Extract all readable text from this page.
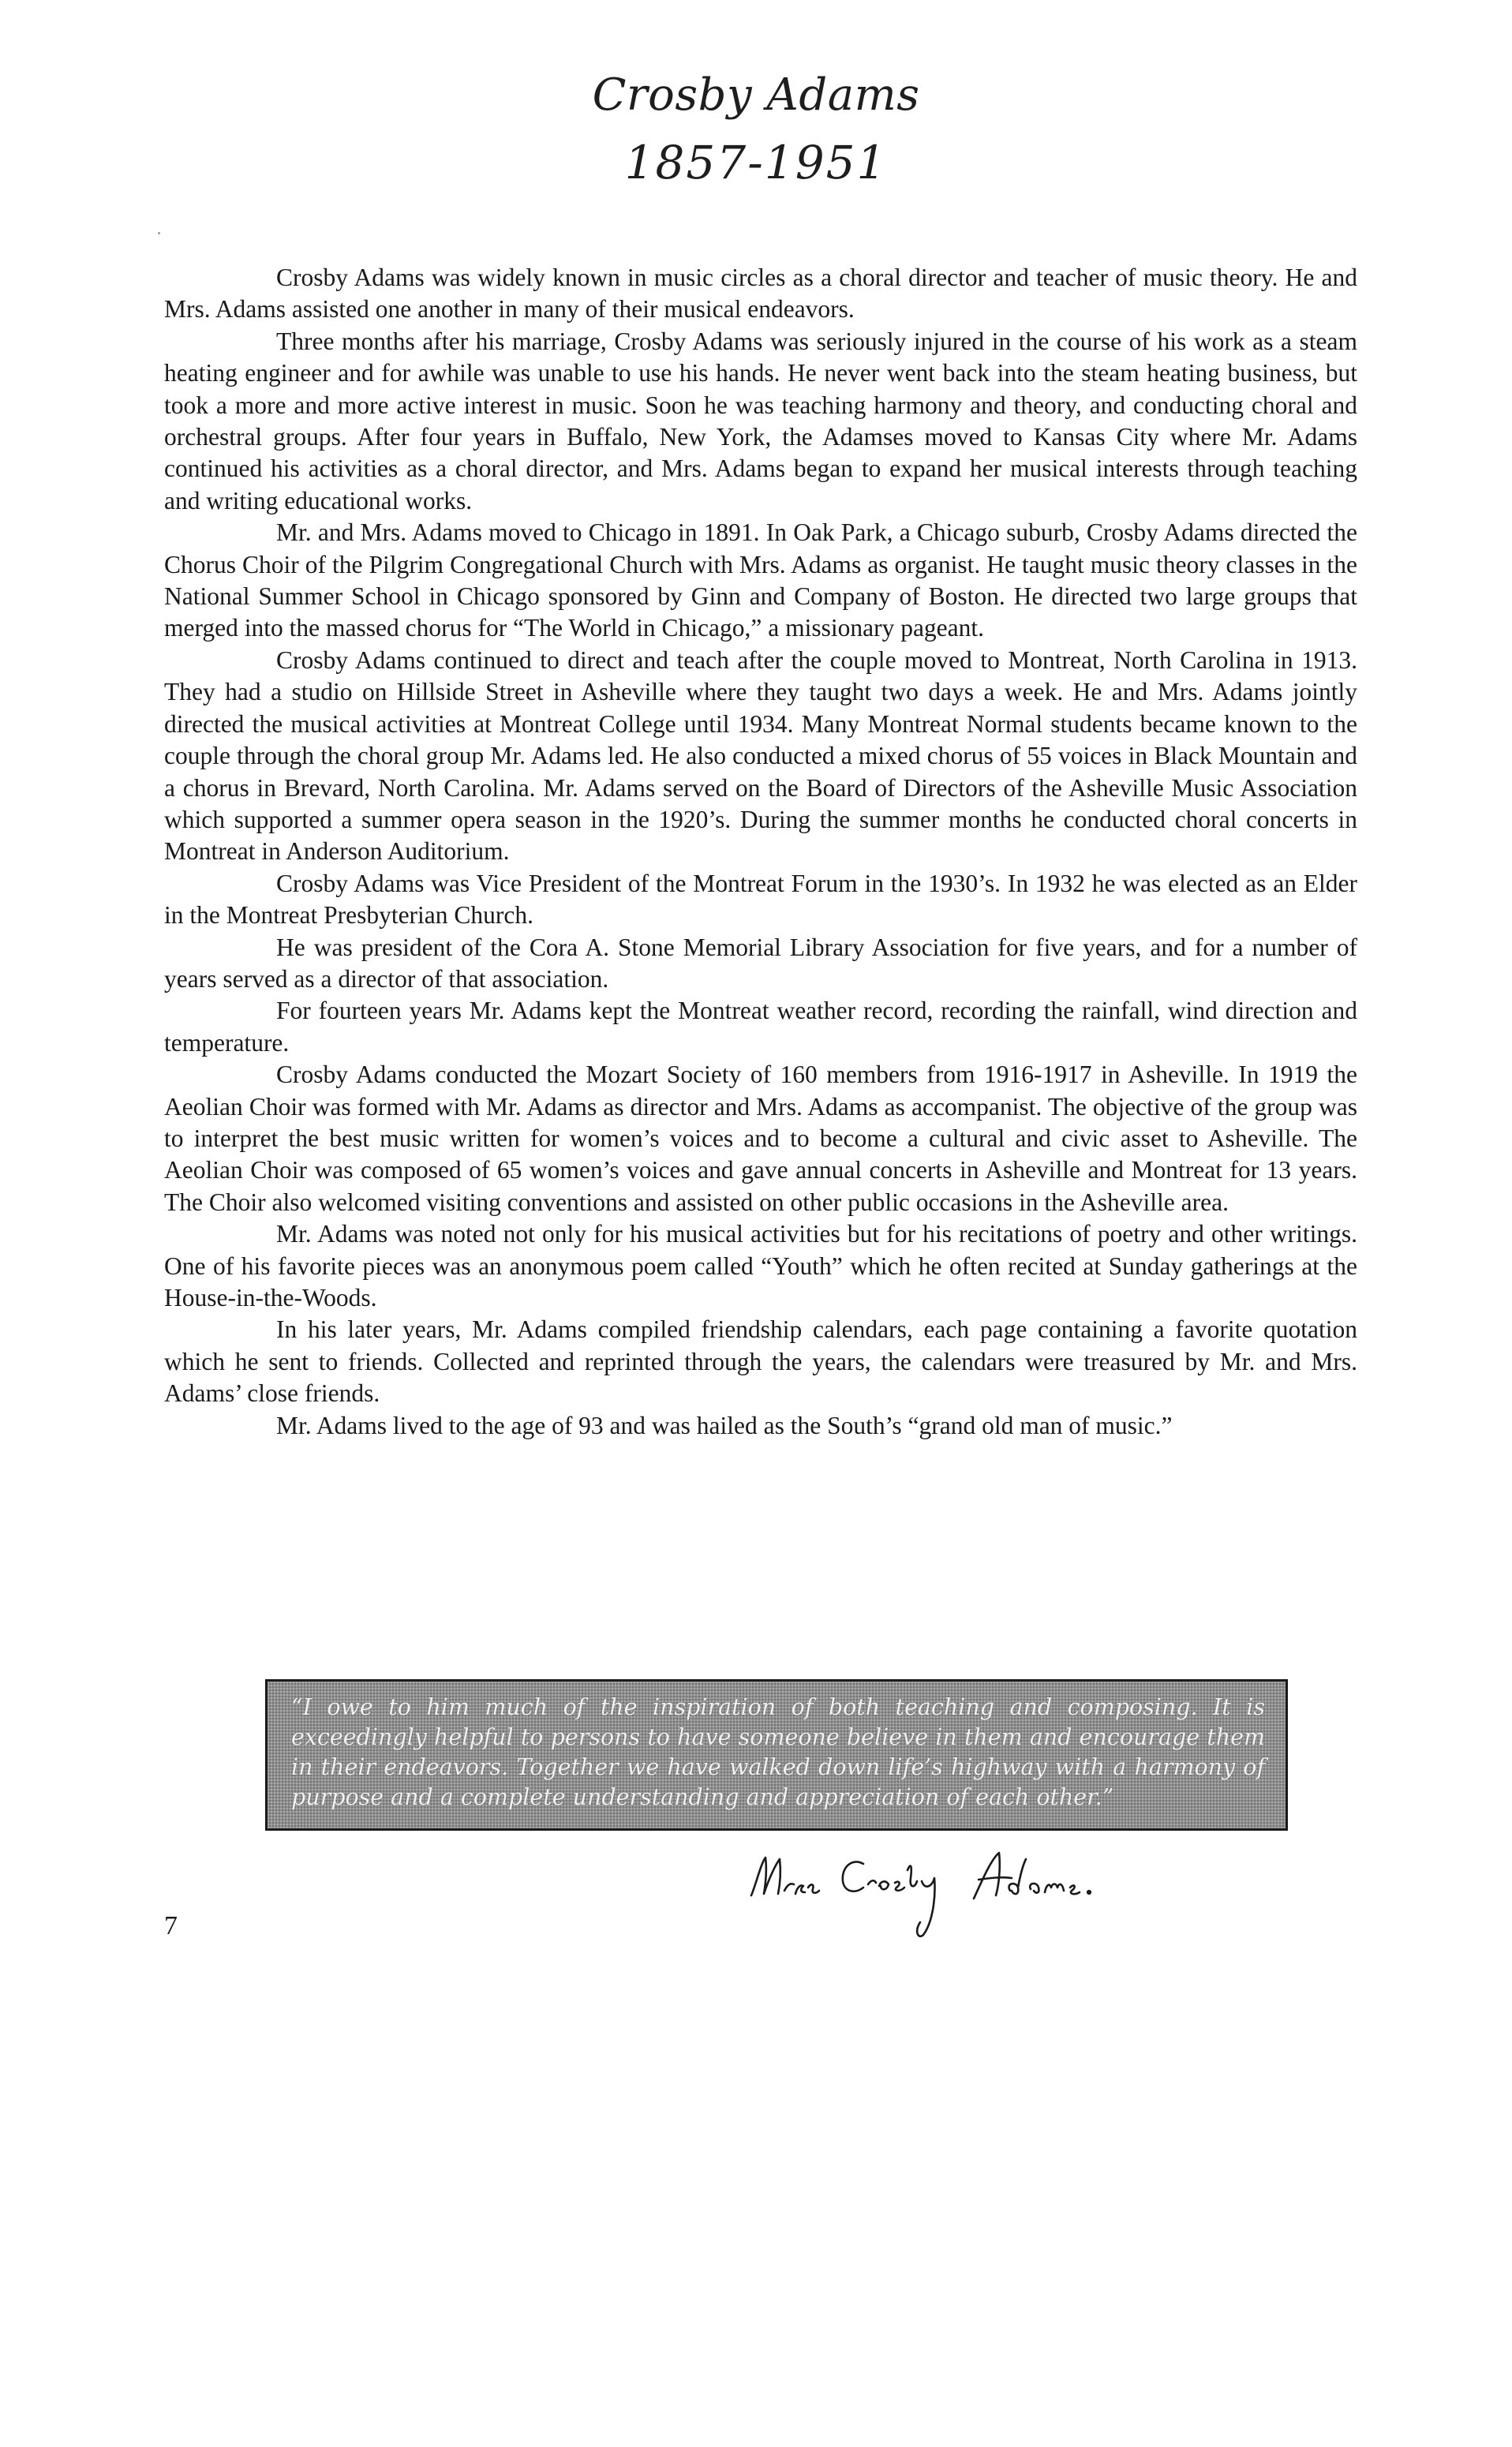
Crosby Adams
1857-1951

Crosby Adams was widely known in music circles as a choral director and teacher of music theory. He and Mrs. Adams assisted one another in many of their musical endeavors.

Three months after his marriage, Crosby Adams was seriously injured in the course of his work as a steam heating engineer and for awhile was unable to use his hands. He never went back into the steam heating business, but took a more and more active interest in music. Soon he was teaching harmony and theory, and conducting choral and orchestral groups. After four years in Buffalo, New York, the Adamses moved to Kansas City where Mr. Adams continued his activities as a choral director, and Mrs. Adams began to expand her musical interests through teaching and writing educational works.

Mr. and Mrs. Adams moved to Chicago in 1891. In Oak Park, a Chicago suburb, Crosby Adams directed the Chorus Choir of the Pilgrim Congregational Church with Mrs. Adams as organist. He taught music theory classes in the National Summer School in Chicago sponsored by Ginn and Company of Boston. He directed two large groups that merged into the massed chorus for “The World in Chicago,” a missionary pageant.

Crosby Adams continued to direct and teach after the couple moved to Montreat, North Carolina in 1913. They had a studio on Hillside Street in Asheville where they taught two days a week. He and Mrs. Adams jointly directed the musical activities at Montreat College until 1934. Many Montreat Normal students became known to the couple through the choral group Mr. Adams led. He also conducted a mixed chorus of 55 voices in Black Mountain and a chorus in Brevard, North Carolina. Mr. Adams served on the Board of Directors of the Asheville Music Association which supported a summer opera season in the 1920’s. During the summer months he conducted choral concerts in Montreat in Anderson Auditorium.

Crosby Adams was Vice President of the Montreat Forum in the 1930’s. In 1932 he was elected as an Elder in the Montreat Presbyterian Church.

He was president of the Cora A. Stone Memorial Library Association for five years, and for a number of years served as a director of that association.

For fourteen years Mr. Adams kept the Montreat weather record, recording the rainfall, wind direction and temperature.

Crosby Adams conducted the Mozart Society of 160 members from 1916-1917 in Asheville. In 1919 the Aeolian Choir was formed with Mr. Adams as director and Mrs. Adams as accompanist. The objective of the group was to interpret the best music written for women’s voices and to become a cultural and civic asset to Asheville. The Aeolian Choir was composed of 65 women’s voices and gave annual concerts in Asheville and Montreat for 13 years. The Choir also welcomed visiting conventions and assisted on other public occasions in the Asheville area.

Mr. Adams was noted not only for his musical activities but for his recitations of poetry and other writings. One of his favorite pieces was an anonymous poem called “Youth” which he often recited at Sunday gatherings at the House-in-the-Woods.

In his later years, Mr. Adams compiled friendship calendars, each page containing a favorite quotation which he sent to friends. Collected and reprinted through the years, the calendars were treasured by Mr. and Mrs. Adams’ close friends.

Mr. Adams lived to the age of 93 and was hailed as the South’s “grand old man of music.”

“I owe to him much of the inspiration of both teaching and composing. It is exceedingly helpful to persons to have someone believe in them and encourage them in their endeavors. Together we have walked down life’s highway with a harmony of purpose and a complete understanding and appreciation of each other.”
7
